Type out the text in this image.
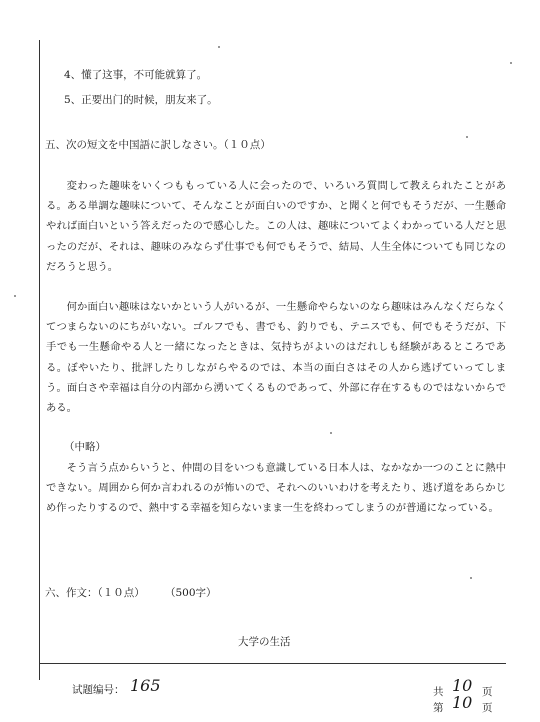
4、懂了这事，不可能就算了。
5、正要出门的时候，朋友来了。
五、次の短文を中国語に訳しなさい。（１０点）
変わった趣味をいくつももっている人に会ったので、いろいろ質問して教えられたことがある。ある単調な趣味について、そんなことが面白いのですか、と聞くと何でもそうだが、一生懸命やれば面白いという答えだったので感心した。この人は、趣味についてよくわかっている人だと思ったのだが、それは、趣味のみならず仕事でも何でもそうで、結局、人生全体についても同じなのだろうと思う。
何か面白い趣味はないかという人がいるが、一生懸命やらないのなら趣味はみんなくだらなくてつまらないのにちがいない。ゴルフでも、書でも、釣りでも、テニスでも、何でもそうだが、下手でも一生懸命やる人と一緒になったときは、気持ちがよいのはだれしも経験があるところである。ぼやいたり、批評したりしながらやるのでは、本当の面白さはその人から逃げていってしまう。面白さや幸福は自分の内部から湧いてくるものであって、外部に存在するものではないからである。
（中略）
そう言う点からいうと、仲間の目をいつも意識している日本人は、なかなか一つのことに熱中できない。周囲から何か言われるのが怖いので、それへのいいわけを考えたり、逃げ道をあらかじめ作ったりするので、熱中する幸福を知らないまま一生を終わってしまうのが普通になっている。
六、作文：（１０点） （500字）
大学の生活
试题编号： 165	共 10 页
第 10 页
